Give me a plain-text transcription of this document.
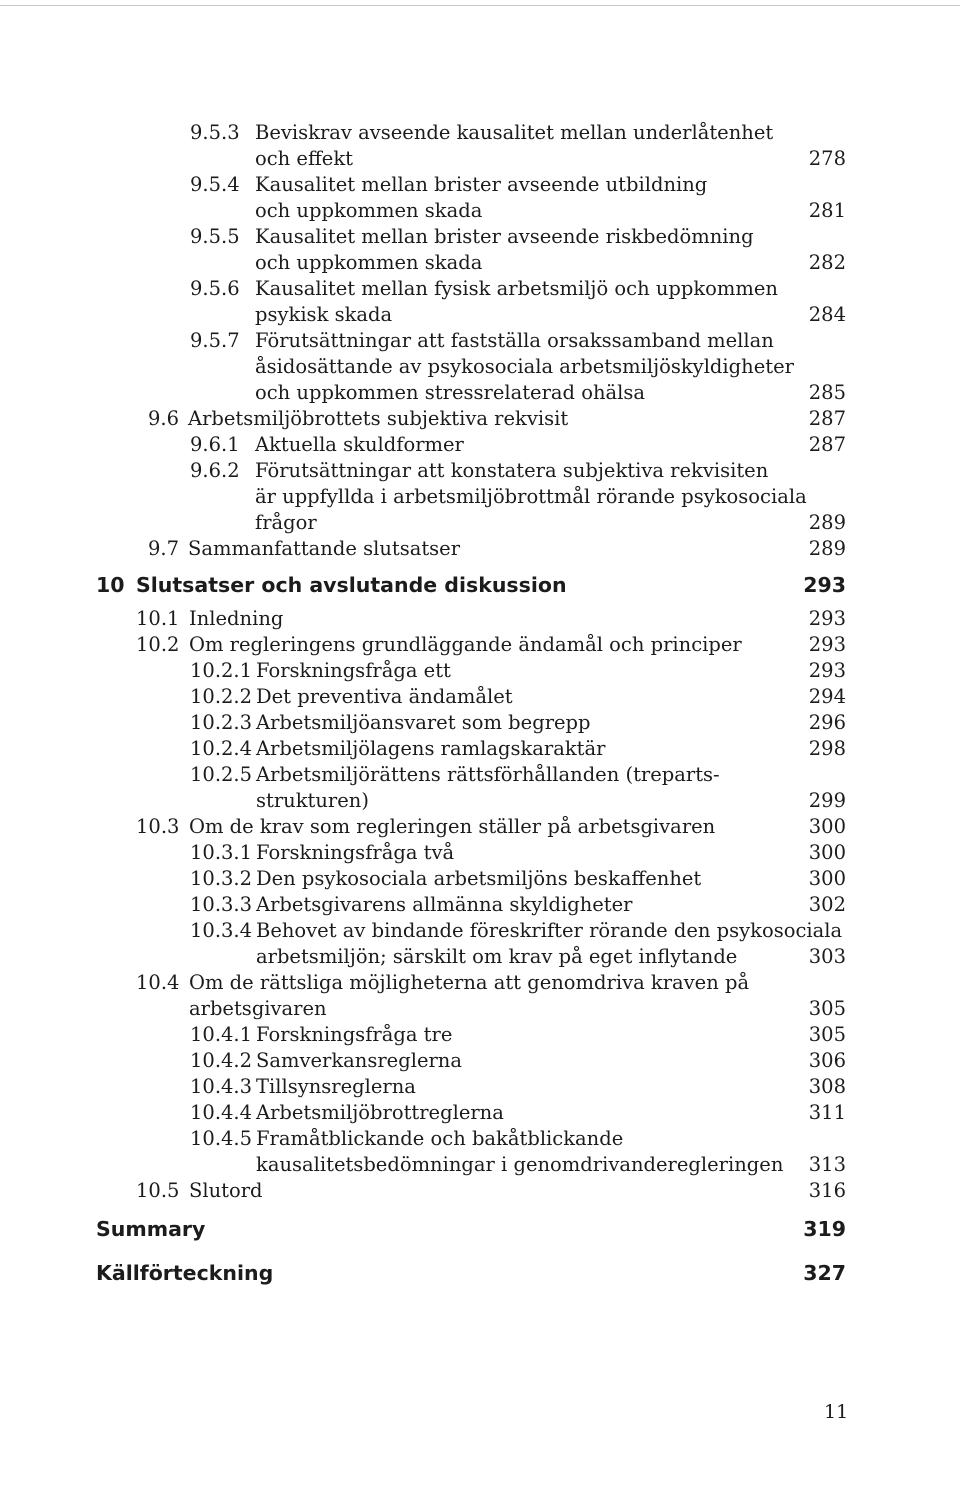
9.5.3 Beviskrav avseende kausalitet mellan underlåtenhet
och effekt	278
9.5.4 Kausalitet mellan brister avseende utbildning
och uppkommen skada	281
9.5.5 Kausalitet mellan brister avseende riskbedömning
och uppkommen skada	282
9.5.6 Kausalitet mellan fysisk arbetsmiljö och uppkommen
psykisk skada	284
9.5.7 Förutsättningar att fastställa orsakssamband mellan
åsidosättande av psykosociala arbetsmiljöskyldigheter
och uppkommen stressrelaterad ohälsa	285
9.6 Arbetsmiljöbrottets subjektiva rekvisit	287
9.6.1 Aktuella skuldformer	287
9.6.2 Förutsättningar att konstatera subjektiva rekvisiten
är uppfyllda i arbetsmiljöbrottmål rörande psykosociala
frågor	289
9.7 Sammanfattande slutsatser	289
10 Slutsatser och avslutande diskussion	293
10.1 Inledning	293
10.2 Om regleringens grundläggande ändamål och principer	293
10.2.1 Forskningsfråga ett	293
10.2.2 Det preventiva ändamålet	294
10.2.3 Arbetsmiljöansvaret som begrepp	296
10.2.4 Arbetsmiljölagens ramlagskaraktär	298
10.2.5 Arbetsmiljörättens rättsförhållanden (treparts-
strukturen)	299
10.3 Om de krav som regleringen ställer på arbetsgivaren	300
10.3.1 Forskningsfråga två	300
10.3.2 Den psykosociala arbetsmiljöns beskaffenhet	300
10.3.3 Arbetsgivarens allmänna skyldigheter	302
10.3.4 Behovet av bindande föreskrifter rörande den psykosociala
arbetsmiljön; särskilt om krav på eget inflytande	303
10.4 Om de rättsliga möjligheterna att genomdriva kraven på
arbetsgivaren	305
10.4.1 Forskningsfråga tre	305
10.4.2 Samverkansreglerna	306
10.4.3 Tillsynsreglerna	308
10.4.4 Arbetsmiljöbrottreglerna	311
10.4.5 Framåtblickande och bakåtblickande
kausalitetsbedömningar i genomdrivanderegleringen 313
10.5 Slutord	316
Summary	319
Källförteckning	327
11
